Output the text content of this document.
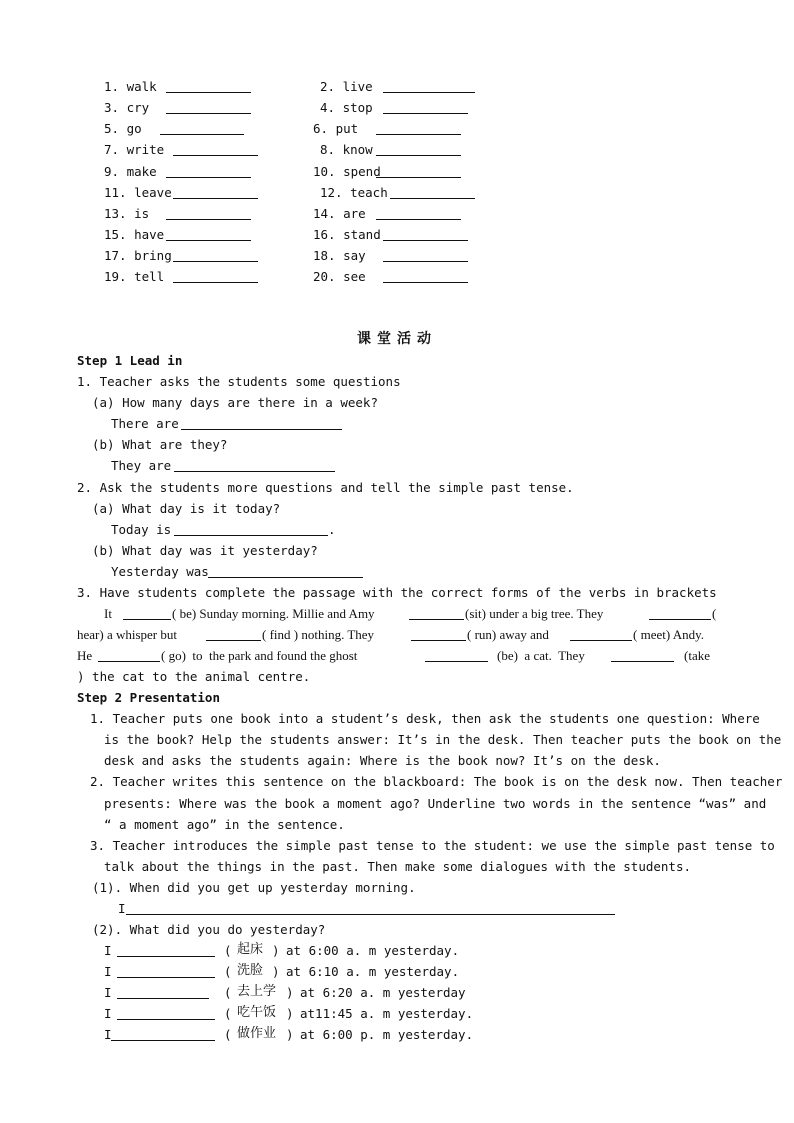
1. walk	2. live
3. cry	4. stop
5. go	6. put
7. write	8. know
9. make	10. spend
11. leave	12. teach
13. is	14. are
15. have	16. stand
17. bring	18. say
19. tell	20. see
课堂活动
Step 1 Lead in
1. Teacher asks the students some questions
(a) How many days are there in a week?
There are
(b) What are they?
They are
2. Ask the students more questions and tell the simple past tense.
(a) What day is it today?
Today is	.
(b) What day was it yesterday?
Yesterday was
3. Have students complete the passage with the correct forms of the verbs in brackets
It	( be) Sunday morning. Millie and Amy	(sit) under a big tree. They	(
hear) a whisper but	( find ) nothing. They	( run) away and	( meet) Andy.
He	( go)  to  the park and found the ghost	(be)  a cat.  They	(take
) the cat to the animal centre.
Step 2 Presentation
1. Teacher puts one book into a student’s desk, then ask the students one question: Where
is the book? Help the students answer: It’s in the desk. Then teacher puts the book on the
desk and asks the students again: Where is the book now? It’s on the desk.
2. Teacher writes this sentence on the blackboard: The book is on the desk now. Then teacher
presents: Where was the book a moment ago? Underline two words in the sentence “was” and
“ a moment ago” in the sentence.
3. Teacher introduces the simple past tense to the student: we use the simple past tense to
talk about the things in the past. Then make some dialogues with the students.
(1). When did you get up yesterday morning.
I
(2). What did you do yesterday?
I	( 起床 ) at 6:00 a. m yesterday.
I	( 洗脸 ) at 6:10 a. m yesterday.
I	( 去上学 ) at 6:20 a. m yesterday
I	( 吃午饭 ) at11:45 a. m yesterday.
I	( 做作业 ) at 6:00 p. m yesterday.
